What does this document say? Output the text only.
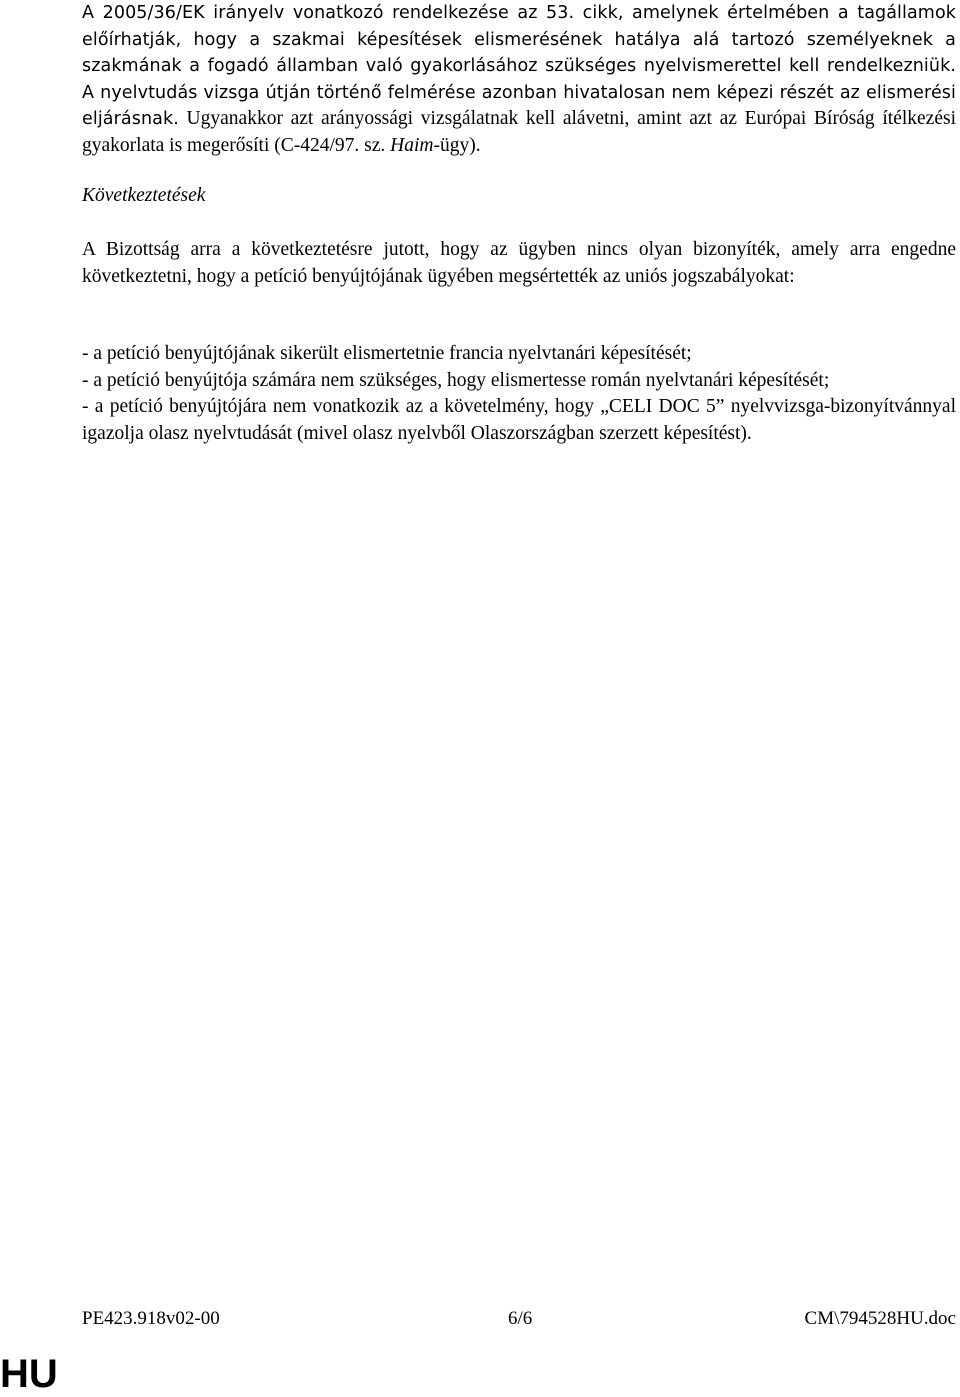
A 2005/36/EK irányelv vonatkozó rendelkezése az 53. cikk, amelynek értelmében a tagállamok előírhatják, hogy a szakmai képesítések elismerésének hatálya alá tartozó személyeknek a szakmának a fogadó államban való gyakorlásához szükséges nyelvismerettel kell rendelkezniük. A nyelvtudás vizsga útján történő felmérése azonban hivatalosan nem képezi részét az elismerési eljárásnak. Ugyanakkor azt arányossági vizsgálatnak kell alávetni, amint azt az Európai Bíróság ítélkezési gyakorlata is megerősíti (C-424/97. sz. Haim-ügy).

Következtetések

A Bizottság arra a következtetésre jutott, hogy az ügyben nincs olyan bizonyíték, amely arra engedne következtetni, hogy a petíció benyújtójának ügyében megsértették az uniós jogszabályokat:

- a petíció benyújtójának sikerült elismertetnie francia nyelvtanári képesítését;

- a petíció benyújtója számára nem szükséges, hogy elismertesse román nyelvtanári képesítését;

- a petíció benyújtójára nem vonatkozik az a követelmény, hogy „CELI DOC 5” nyelvvizsga-bizonyítvánnyal igazolja olasz nyelvtudását (mivel olasz nyelvből Olaszországban szerzett képesítést).

PE423.918v02-00	6/6	CM\794528HU.doc
HU
